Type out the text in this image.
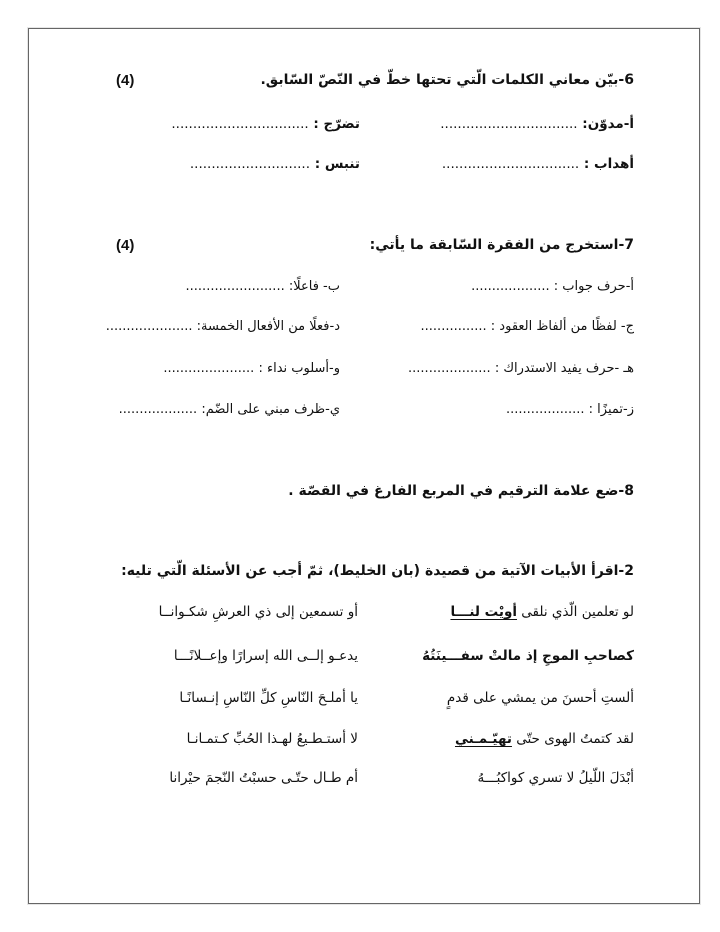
6-بيّن معاني الكلمات الّتي تحتها خطّ في النّصّ السّابق.
(4)
أ-مدوّن: ................................
تضرّج : ................................
أهداب : ................................
تنبس : ............................
7-استخرج من الفقرة السّابقة ما يأتي:
(4)
أ-حرف جواب : ...................
ب- فاعلًا: ........................
ج- لفظًا من ألفاظ العقود : ................
د-فعلًا من الأفعال الخمسة: .....................
هـ -حرف يفيد الاستدراك : ....................
و-أسلوب نداء : ......................
ز-تميزًا : ...................
ي-ظرف مبني على الضّم: ...................
8-ضع علامة الترقيم في المربع الفارغ في القصّة .
2-اقرأ الأبيات الآتية من قصيدة (بان الخليط)، ثمّ أجب عن الأسئلة الّتي تليه:
لو تعلمين الّذي نلقى أويْت لنـــا
أو تسمعين إلى ذي العرشِ شكـوانــا
كصاحبِ الموجِ إذ مالتْ سفـــينَتُهُ
يدعـو إلــى الله إسرارًا وإعــلانًـــا
ألستِ أحسنَ من يمشي على قدمٍ
يا أملـحَ النّاسِ كلِّ النّاسِ إنـسانًـا
لقد كتمتُ الهوى حتّى تهيّـمـني
لا أستـطـيعُ لهـذا الحُبِّ كـتمـانـا
أبْدَلَ اللّيلُ لا تسري كواكبُـــهُ
أم طـال حتّـى حسبْتُ النّجمَ حيْرانا
